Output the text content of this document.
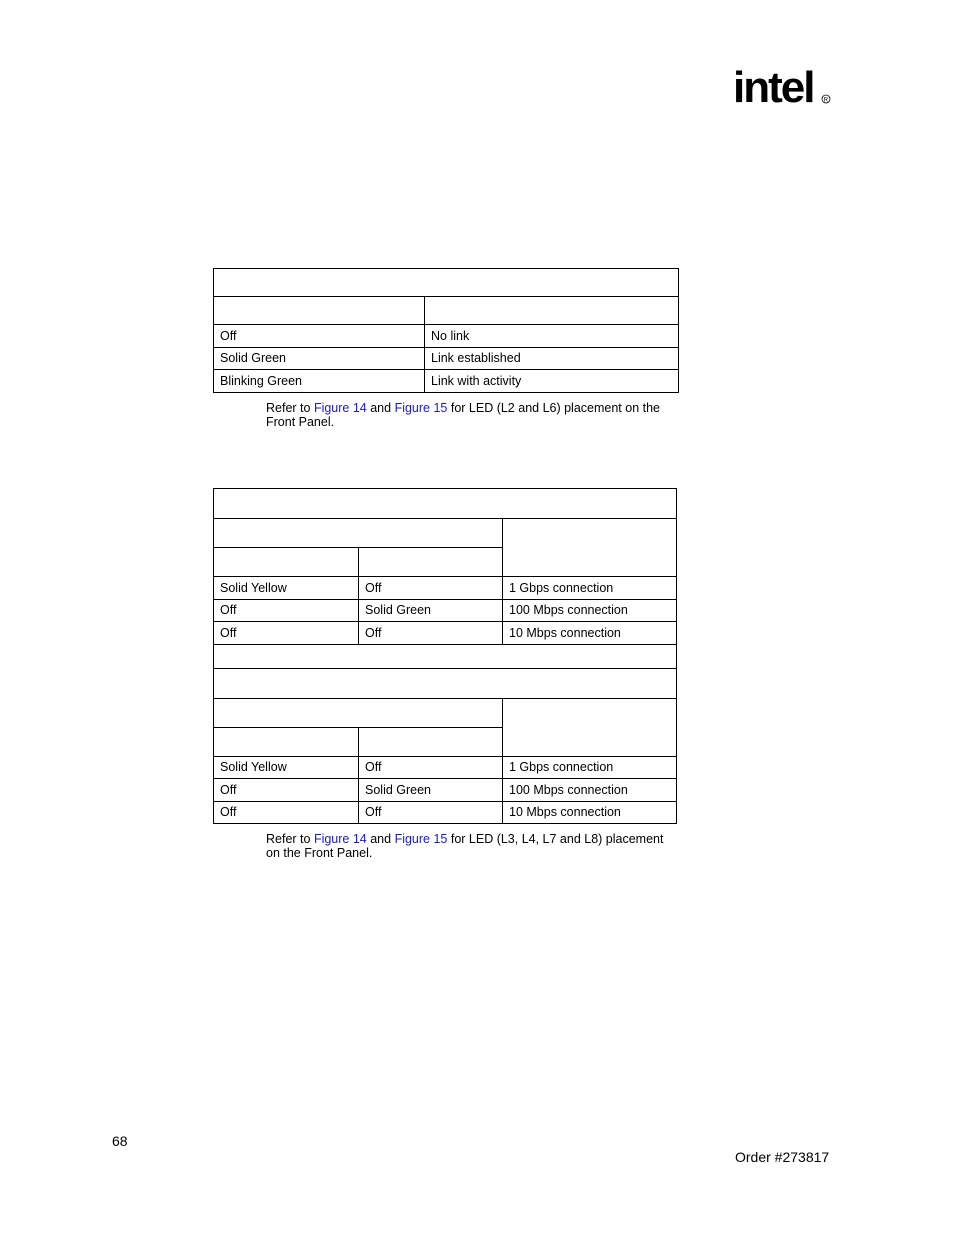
intel R

Off	No link
Solid Green	Link established
Blinking Green	Link with activity
Refer to Figure 14 and Figure 15 for LED (L2 and L6) placement on the Front Panel.

Solid Yellow	Off	1 Gbps connection
Off	Solid Green	100 Mbps connection
Off	Off	10 Mbps connection

Solid Yellow	Off	1 Gbps connection
Off	Solid Green	100 Mbps connection
Off	Off	10 Mbps connection
Refer to Figure 14 and Figure 15 for LED (L3, L4, L7 and L8) placement on the Front Panel.
68
Order #273817
